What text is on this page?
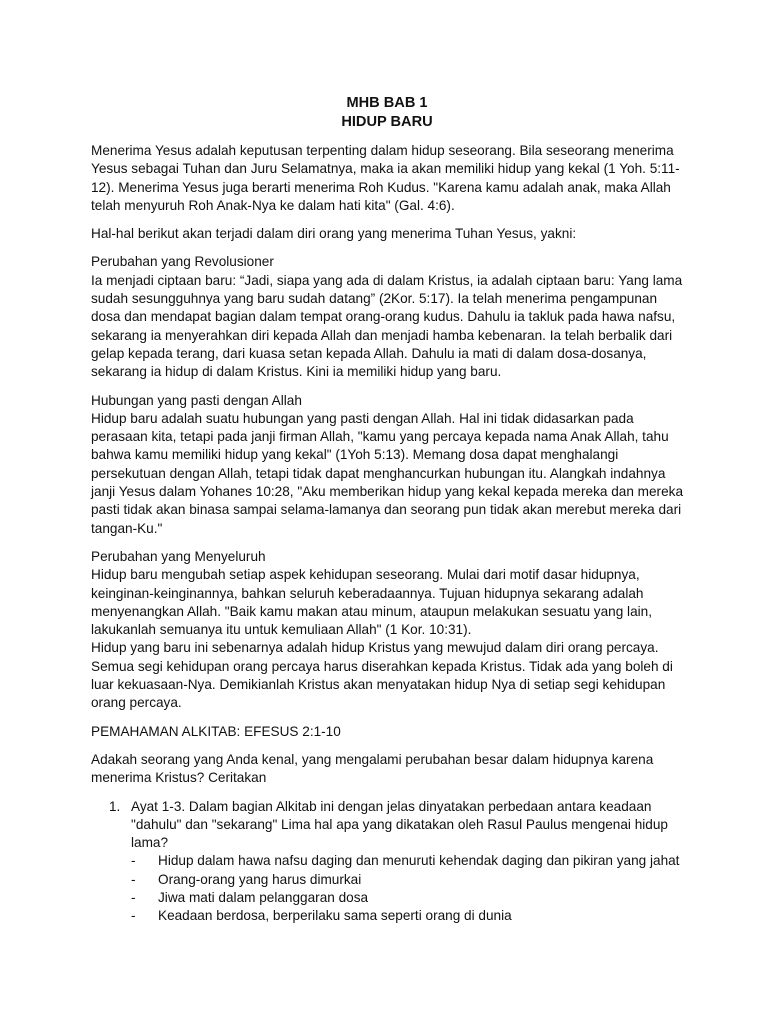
MHB BAB 1
HIDUP BARU

Menerima Yesus adalah keputusan terpenting dalam hidup seseorang. Bila seseorang menerima Yesus sebagai Tuhan dan Juru Selamatnya, maka ia akan memiliki hidup yang kekal (1 Yoh. 5:11-12). Menerima Yesus juga berarti menerima Roh Kudus. "Karena kamu adalah anak, maka Allah telah menyuruh Roh Anak-Nya ke dalam hati kita" (Gal. 4:6).

Hal-hal berikut akan terjadi dalam diri orang yang menerima Tuhan Yesus, yakni:

Perubahan yang Revolusioner
Ia menjadi ciptaan baru: “Jadi, siapa yang ada di dalam Kristus, ia adalah ciptaan baru: Yang lama sudah sesungguhnya yang baru sudah datang” (2Kor. 5:17). Ia telah menerima pengampunan dosa dan mendapat bagian dalam tempat orang-orang kudus. Dahulu ia takluk pada hawa nafsu, sekarang ia menyerahkan diri kepada Allah dan menjadi hamba kebenaran. Ia telah berbalik dari gelap kepada terang, dari kuasa setan kepada Allah. Dahulu ia mati di dalam dosa-dosanya, sekarang ia hidup di dalam Kristus. Kini ia memiliki hidup yang baru.
Hubungan yang pasti dengan Allah
Hidup baru adalah suatu hubungan yang pasti dengan Allah. Hal ini tidak didasarkan pada perasaan kita, tetapi pada janji firman Allah, "kamu yang percaya kepada nama Anak Allah, tahu bahwa kamu memiliki hidup yang kekal" (1Yoh 5:13). Memang dosa dapat menghalangi persekutuan dengan Allah, tetapi tidak dapat menghancurkan hubungan itu. Alangkah indahnya janji Yesus dalam Yohanes 10:28, "Aku memberikan hidup yang kekal kepada mereka dan mereka pasti tidak akan binasa sampai selama-lamanya dan seorang pun tidak akan merebut mereka dari tangan-Ku."
Perubahan yang Menyeluruh
Hidup baru mengubah setiap aspek kehidupan seseorang. Mulai dari motif dasar hidupnya, keinginan-keinginannya, bahkan seluruh keberadaannya. Tujuan hidupnya sekarang adalah menyenangkan Allah. "Baik kamu makan atau minum, ataupun melakukan sesuatu yang lain, lakukanlah semuanya itu untuk kemuliaan Allah" (1 Kor. 10:31).
Hidup yang baru ini sebenarnya adalah hidup Kristus yang mewujud dalam diri orang percaya. Semua segi kehidupan orang percaya harus diserahkan kepada Kristus. Tidak ada yang boleh di luar kekuasaan-Nya. Demikianlah Kristus akan menyatakan hidup Nya di setiap segi kehidupan orang percaya.

PEMAHAMAN ALKITAB: EFESUS 2:1-10

Adakah seorang yang Anda kenal, yang mengalami perubahan besar dalam hidupnya karena menerima Kristus? Ceritakan

1. Ayat 1-3. Dalam bagian Alkitab ini dengan jelas dinyatakan perbedaan antara keadaan "dahulu" dan "sekarang" Lima hal apa yang dikatakan oleh Rasul Paulus mengenai hidup lama?
- Hidup dalam hawa nafsu daging dan menuruti kehendak daging dan pikiran yang jahat
- Orang-orang yang harus dimurkai
- Jiwa mati dalam pelanggaran dosa
- Keadaan berdosa, berperilaku sama seperti orang di dunia
